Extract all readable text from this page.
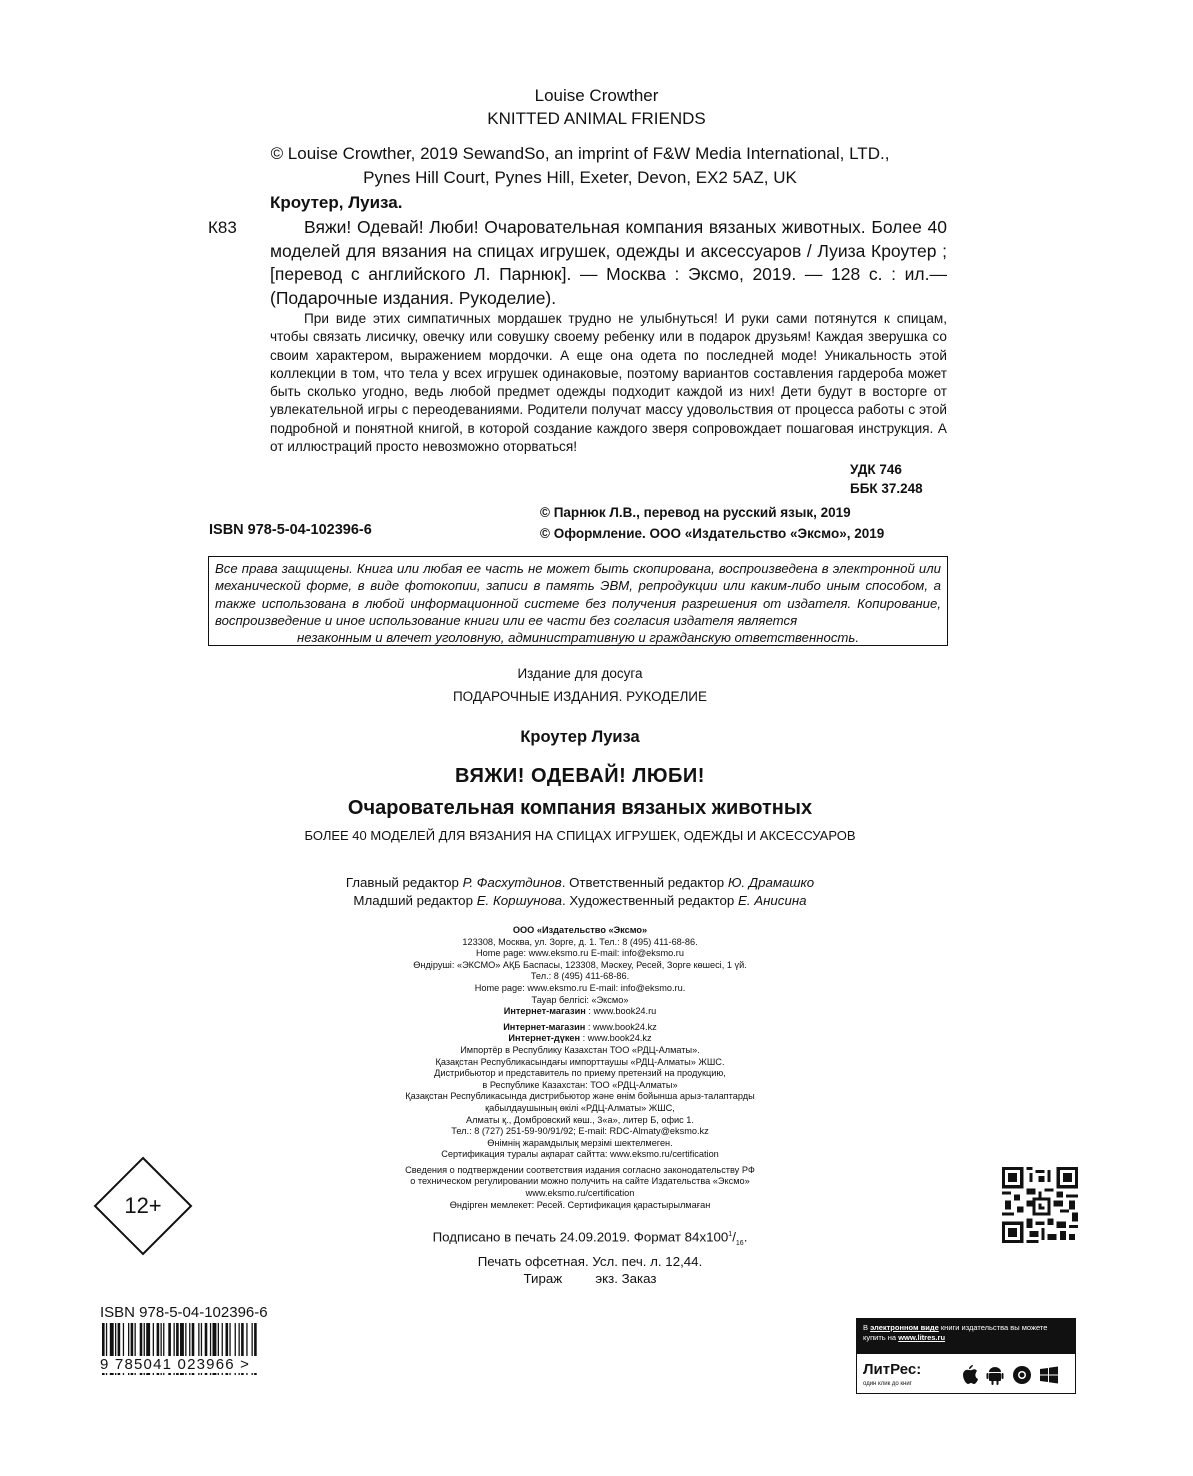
Louise Crowther
KNITTED ANIMAL FRIENDS
© Louise Crowther, 2019 SewandSo, an imprint of F&W Media International, LTD.,
Pynes Hill Court, Pynes Hill, Exeter, Devon, EX2 5AZ, UK
Кроутер, Луиза.
К83	Вяжи! Одевай! Люби! Очаровательная компания вязаных животных. Более 40 моделей для вязания на спицах игрушек, одежды и аксессуаров / Луиза Кроутер ; [перевод с английского Л. Парнюк]. — Москва : Эксмо, 2019. — 128 с. : ил.— (Подарочные издания. Рукоделие).
При виде этих симпатичных мордашек трудно не улыбнуться! И руки сами потянутся к спицам, чтобы связать лисичку, овечку или совушку своему ребенку или в подарок друзьям! Каждая зверушка со своим характером, выражением мордочки. А еще она одета по последней моде! Уникальность этой коллекции в том, что тела у всех игрушек одинаковые, поэтому вариантов составления гардероба может быть сколько угодно, ведь любой предмет одежды подходит каждой из них! Дети будут в восторге от увлекательной игры с переодеваниями. Родители получат массу удовольствия от процесса работы с этой подробной и понятной книгой, в которой создание каждого зверя сопровождает пошаговая инструкция. А от иллюстраций просто невозможно оторваться!
УДК 746
ББК 37.248
© Парнюк Л.В., перевод на русский язык, 2019
© Оформление. ООО «Издательство «Эксмо», 2019
ISBN 978-5-04-102396-6
Все права защищены. Книга или любая ее часть не может быть скопирована, воспроизведена в электронной или механической форме, в виде фотокопии, записи в память ЭВМ, репродукции или каким-либо иным способом, а также использована в любой информационной системе без получения разрешения от издателя. Копирование, воспроизведение и иное использование книги или ее части без согласия издателя является
незаконным и влечет уголовную, административную и гражданскую ответственность.
Издание для досуга
ПОДАРОЧНЫЕ ИЗДАНИЯ. РУКОДЕЛИЕ
Кроутер Луиза
ВЯЖИ! ОДЕВАЙ! ЛЮБИ!
Очаровательная компания вязаных животных
БОЛЕЕ 40 МОДЕЛЕЙ ДЛЯ ВЯЗАНИЯ НА СПИЦАХ ИГРУШЕК, ОДЕЖДЫ И АКСЕССУАРОВ
Главный редактор Р. Фасхутдинов. Ответственный редактор Ю. Драмашко
Младший редактор Е. Коршунова. Художественный редактор Е. Анисина
ООО «Издательство «Эксмо»
123308, Москва, ул. Зорге, д. 1. Тел.: 8 (495) 411-68-86.
Home page: www.eksmo.ru E-mail: info@eksmo.ru
Өндіруші: «ЭКСМО» АҚБ Баспасы, 123308, Мәскеу, Ресей, Зорге көшесі, 1 үй.
Тел.: 8 (495) 411-68-86.
Home page: www.eksmo.ru E-mail: info@eksmo.ru.
Тауар белгісі: «Эксмо»
Интернет-магазин : www.book24.ru
Интернет-магазин : www.book24.kz
Интернет-дүкен : www.book24.kz
Импортёр в Республику Казахстан ТОО «РДЦ-Алматы».
Қазақстан Республикасындағы импорттаушы «РДЦ-Алматы» ЖШС.
Дистрибьютор и представитель по приему претензий на продукцию,
в Республике Казахстан: ТОО «РДЦ-Алматы»
Қазақстан Республикасында дистрибьютор және өнім бойынша арыз-талаптарды
қабылдаушының өкілі «РДЦ-Алматы» ЖШС,
Алматы қ., Домбровский көш., 3«а», литер Б, офис 1.
Тел.: 8 (727) 251-59-90/91/92; E-mail: RDC-Almaty@eksmo.kz
Өнімнің жарамдылық мерзімі шектелмеген.
Сертификация туралы ақпарат сайтта: www.eksmo.ru/certification
Сведения о подтверждении соответствия издания согласно законодательству РФ
о техническом регулировании можно получить на сайте Издательства «Эксмо»
www.eksmo.ru/certification
Өндірген мемлекет: Ресей. Сертификация қарастырылмаған
Подписано в печать 24.09.2019. Формат $84x100^1/_{16}$.
Печать офсетная. Усл. печ. л. 12,44.
Тираж	экз. Заказ
12+
ISBN 978-5-04-102396-6
9 785041 023966 >
В электронном виде книги издательства вы можете
купить на www.litres.ru
ЛитРес:
один клик до книг
